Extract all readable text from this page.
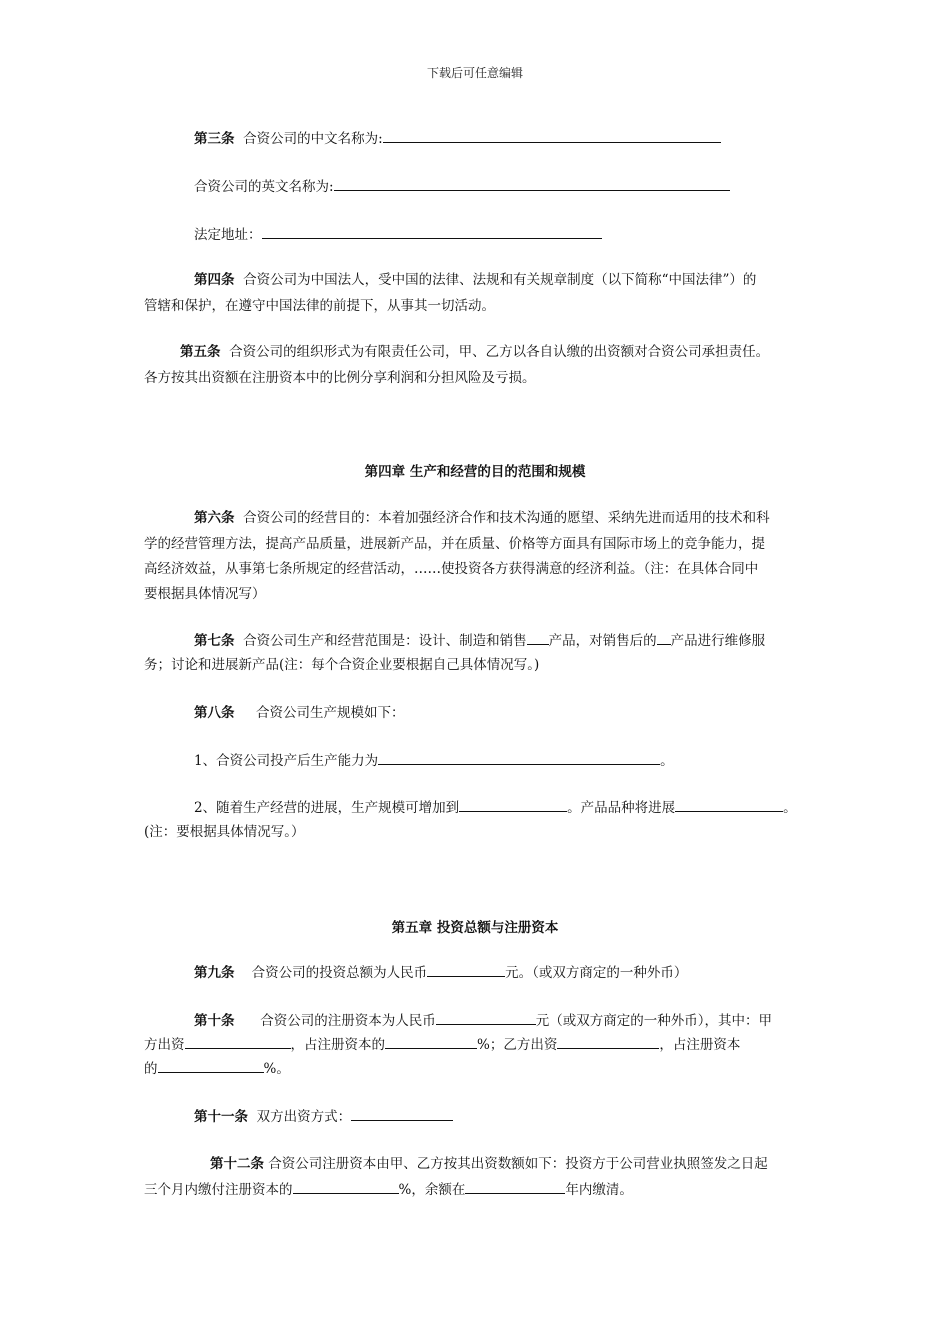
下载后可任意编辑
第三条 合资公司的中文名称为:
合资公司的英文名称为:
法定地址：
第四条 合资公司为中国法人，受中国的法律、法规和有关规章制度（以下简称“中国法律”）的
管辖和保护，在遵守中国法律的前提下，从事其一切活动。
第五条 合资公司的组织形式为有限责任公司，甲、乙方以各自认缴的出资额对合资公司承担责任。
各方按其出资额在注册资本中的比例分享利润和分担风险及亏损。
第四章 生产和经营的目的范围和规模
第六条 合资公司的经营目的：本着加强经济合作和技术沟通的愿望、采纳先进而适用的技术和科
学的经营管理方法，提高产品质量，进展新产品，并在质量、价格等方面具有国际市场上的竞争能力，提
高经济效益，从事第七条所规定的经营活动，……使投资各方获得满意的经济利益。（注：在具体合同中
要根据具体情况写）
第七条 合资公司生产和经营范围是：设计、制造和销售 产品，对销售后的 产品进行维修服
务；讨论和进展新产品(注：每个合资企业要根据自己具体情况写。)
第八条 合资公司生产规模如下：
1、合资公司投产后生产能力为	。
2、随着生产经营的进展，生产规模可增加到	。产品品种将进展	。
(注：要根据具体情况写。）
第五章 投资总额与注册资本
第九条 合资公司的投资总额为人民币	元。（或双方商定的一种外币）
第十条 合资公司的注册资本为人民币	元（或双方商定的一种外币），其中：甲
方出资	，占注册资本的	%；乙方出资	，占注册资本
的	%。
第十一条 双方出资方式：
第十二条 合资公司注册资本由甲、乙方按其出资数额如下：投资方于公司营业执照签发之日起
三个月内缴付注册资本的	%，余额在	年内缴清。
